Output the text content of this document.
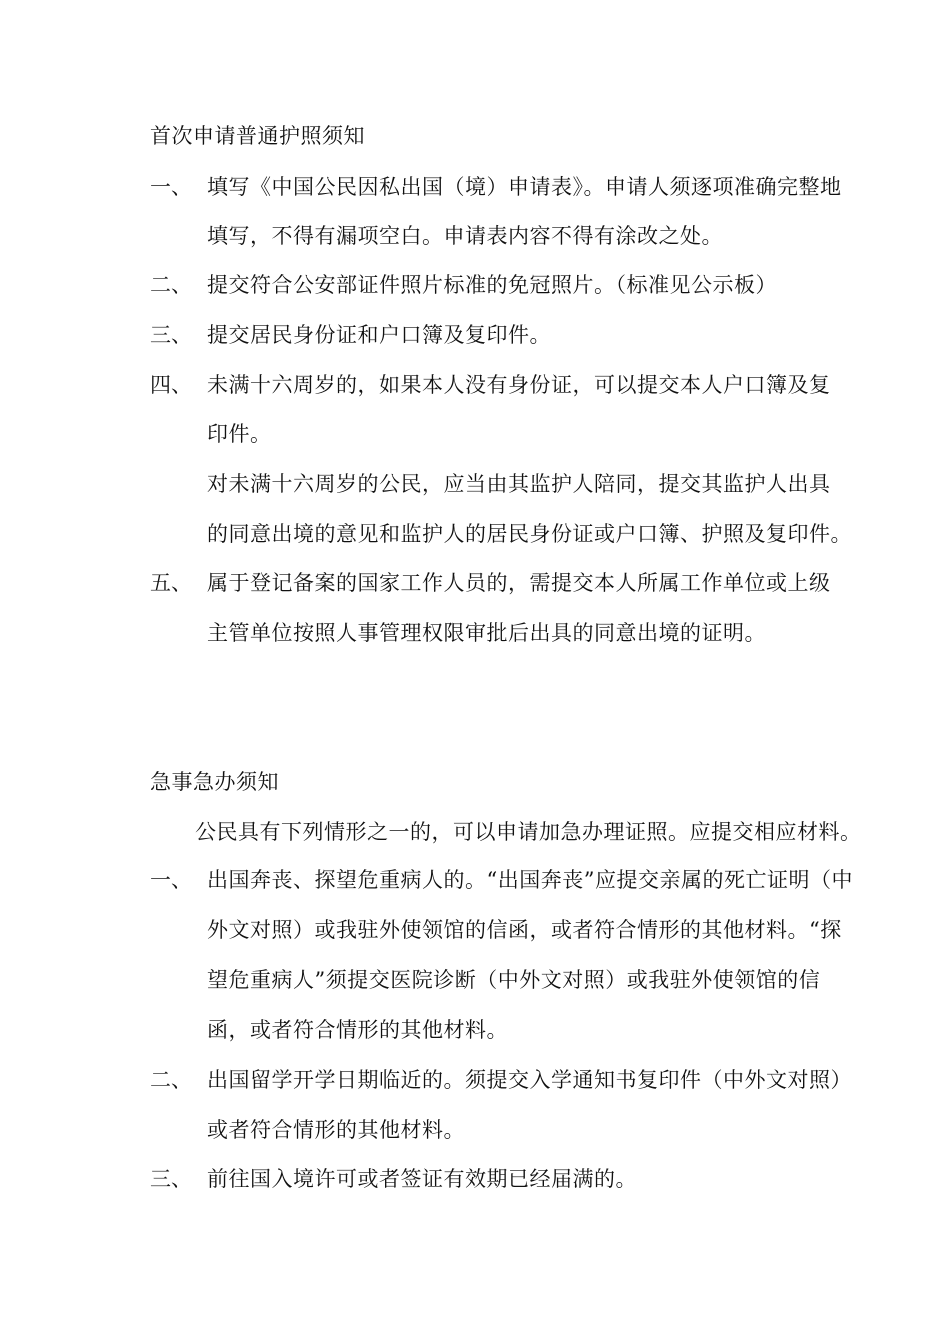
首次申请普通护照须知
一、 填写《中国公民因私出国（境）申请表》。申请人须逐项准确完整地
填写，不得有漏项空白。申请表内容不得有涂改之处。
二、 提交符合公安部证件照片标准的免冠照片。（标准见公示板）
三、 提交居民身份证和户口簿及复印件。
四、 未满十六周岁的，如果本人没有身份证，可以提交本人户口簿及复
印件。
对未满十六周岁的公民，应当由其监护人陪同，提交其监护人出具
的同意出境的意见和监护人的居民身份证或户口簿、护照及复印件。
五、 属于登记备案的国家工作人员的，需提交本人所属工作单位或上级
主管单位按照人事管理权限审批后出具的同意出境的证明。
急事急办须知
公民具有下列情形之一的，可以申请加急办理证照。应提交相应材料。
一、 出国奔丧、探望危重病人的。“出国奔丧”应提交亲属的死亡证明（中
外文对照）或我驻外使领馆的信函，或者符合情形的其他材料。“探
望危重病人”须提交医院诊断（中外文对照）或我驻外使领馆的信
函，或者符合情形的其他材料。
二、 出国留学开学日期临近的。须提交入学通知书复印件（中外文对照）
或者符合情形的其他材料。
三、 前往国入境许可或者签证有效期已经届满的。
